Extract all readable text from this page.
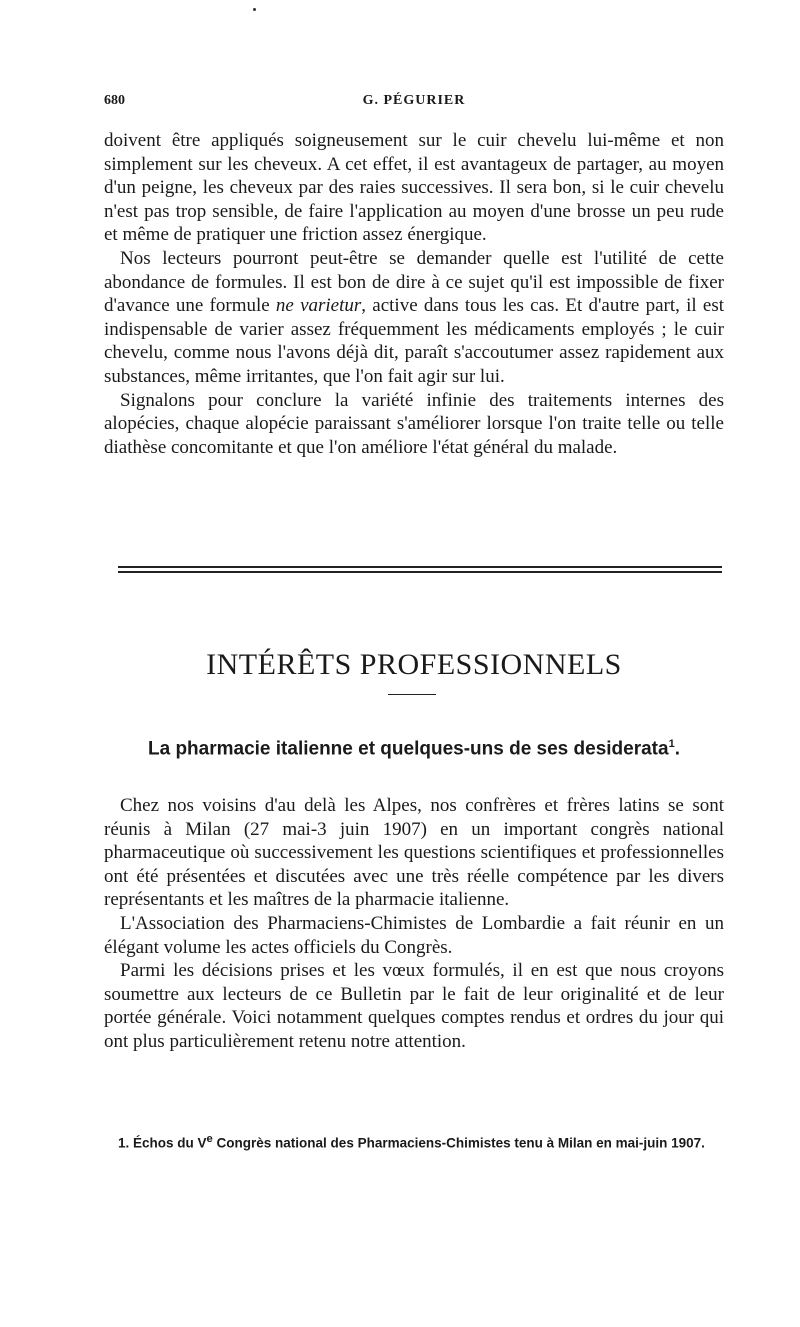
680	G. PÉGURIER

doivent être appliqués soigneusement sur le cuir chevelu lui-même et non simplement sur les cheveux. A cet effet, il est avantageux de partager, au moyen d'un peigne, les cheveux par des raies successives. Il sera bon, si le cuir chevelu n'est pas trop sensible, de faire l'application au moyen d'une brosse un peu rude et même de pratiquer une friction assez énergique.

Nos lecteurs pourront peut-être se demander quelle est l'utilité de cette abondance de formules. Il est bon de dire à ce sujet qu'il est impossible de fixer d'avance une formule ne varietur, active dans tous les cas. Et d'autre part, il est indispensable de varier assez fréquemment les médicaments employés ; le cuir chevelu, comme nous l'avons déjà dit, paraît s'accoutumer assez rapidement aux substances, même irritantes, que l'on fait agir sur lui.

Signalons pour conclure la variété infinie des traitements internes des alopécies, chaque alopécie paraissant s'améliorer lorsque l'on traite telle ou telle diathèse concomitante et que l'on améliore l'état général du malade.

INTÉRÊTS PROFESSIONNELS
La pharmacie italienne et quelques-uns de ses desiderata$^1$.

Chez nos voisins d'au delà les Alpes, nos confrères et frères latins se sont réunis à Milan (27 mai-3 juin 1907) en un important congrès national pharmaceutique où successivement les questions scientifiques et professionnelles ont été présentées et discutées avec une très réelle compétence par les divers représentants et les maîtres de la pharmacie italienne.

L'Association des Pharmaciens-Chimistes de Lombardie a fait réunir en un élégant volume les actes officiels du Congrès.

Parmi les décisions prises et les vœux formulés, il en est que nous croyons soumettre aux lecteurs de ce Bulletin par le fait de leur originalité et de leur portée générale. Voici notamment quelques comptes rendus et ordres du jour qui ont plus particulièrement retenu notre attention.

1. Échos du Ve Congrès national des Pharmaciens-Chimistes tenu à Milan en mai-juin 1907.
